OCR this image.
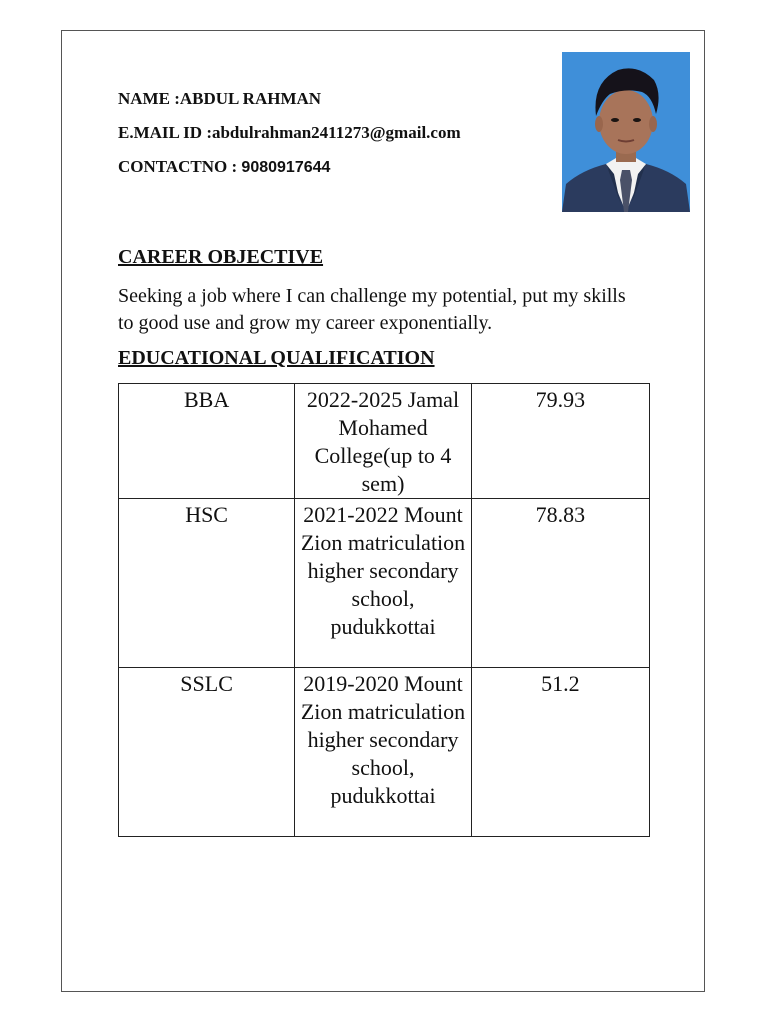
NAME :ABDUL RAHMAN
E.MAIL ID :abdulrahman2411273@gmail.com
CONTACTNO : 9080917644
CAREER OBJECTIVE
Seeking a job where I can challenge my potential, put my skills to good use and grow my career exponentially.
EDUCATIONAL QUALIFICATION
BBA	2022-2025 Jamal Mohamed College(up to 4 sem)	79.93
HSC	2021-2022 Mount Zion matriculation higher secondary school, pudukkottai	78.83
SSLC	2019-2020 Mount Zion matriculation higher secondary school, pudukkottai	51.2
